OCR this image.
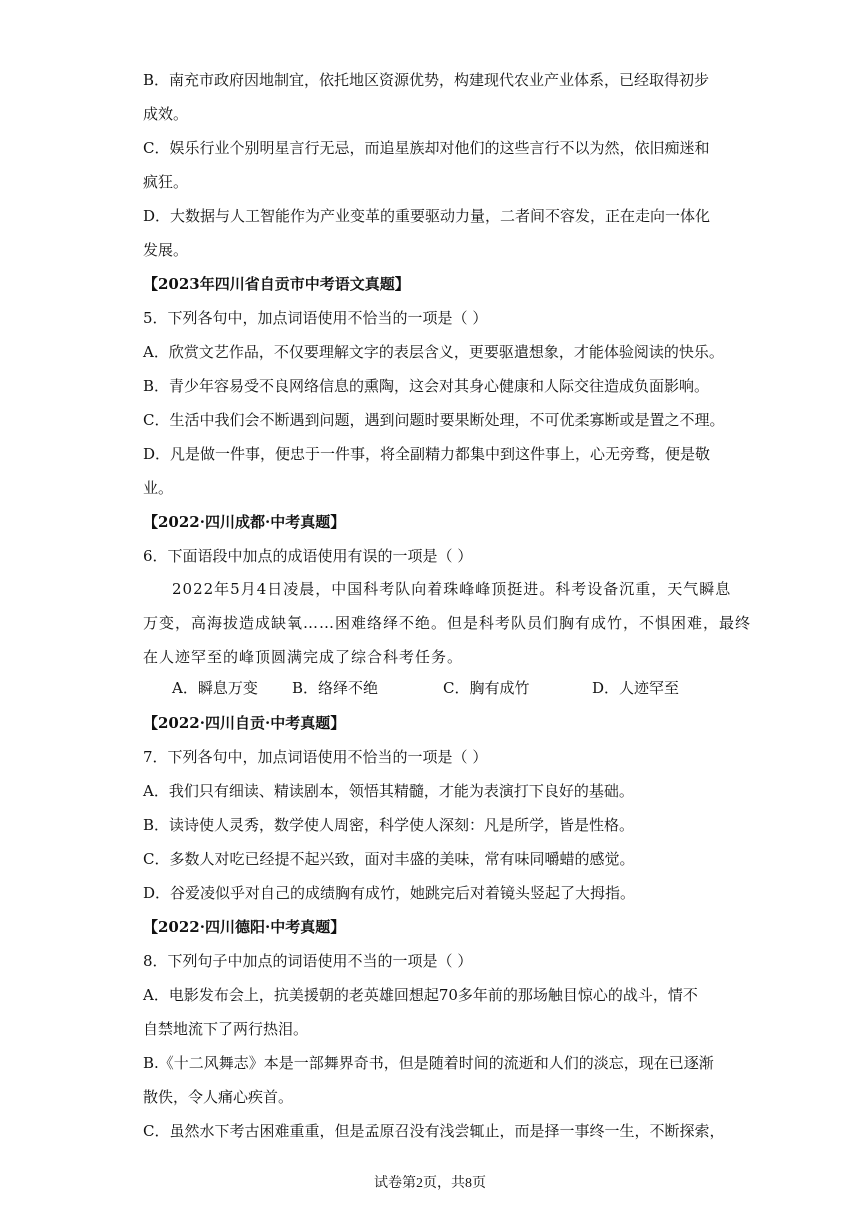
B．南充市政府因地制宜，依托地区资源优势，构建现代农业产业体系，已经取得初步
成效。
C．娱乐行业个别明星言行无忌，而追星族却对他们的这些言行不以为然，依旧痴迷和
疯狂。
D．大数据与人工智能作为产业变革的重要驱动力量，二者间不容发，正在走向一体化
发展。
【2023年四川省自贡市中考语文真题】
5．下列各句中，加点词语使用不恰当的一项是（ ）
A．欣赏文艺作品，不仅要理解文字的表层含义，更要驱遣想象，才能体验阅读的快乐。
B．青少年容易受不良网络信息的熏陶，这会对其身心健康和人际交往造成负面影响。
C．生活中我们会不断遇到问题，遇到问题时要果断处理，不可优柔寡断或是置之不理。
D．凡是做一件事，便忠于一件事，将全副精力都集中到这件事上，心无旁骛，便是敬
业。
【2022·四川成都·中考真题】
6．下面语段中加点的成语使用有误的一项是（ ）
2022年5月4日凌晨，中国科考队向着珠峰峰顶挺进。科考设备沉重，天气瞬息
万变，高海拔造成缺氧……困难络绎不绝。但是科考队员们胸有成竹，不惧困难，最终
在人迹罕至的峰顶圆满完成了综合科考任务。
A．瞬息万变 B．络绎不绝	C．胸有成竹	D．人迹罕至
【2022·四川自贡·中考真题】
7．下列各句中，加点词语使用不恰当的一项是（ ）
A．我们只有细读、精读剧本，领悟其精髓，才能为表演打下良好的基础。
B．读诗使人灵秀，数学使人周密，科学使人深刻：凡是所学，皆是性格。
C．多数人对吃已经提不起兴致，面对丰盛的美味，常有味同嚼蜡的感觉。
D．谷爱凌似乎对自己的成绩胸有成竹，她跳完后对着镜头竖起了大拇指。
【2022·四川德阳·中考真题】
8．下列句子中加点的词语使用不当的一项是（ ）
A．电影发布会上，抗美援朝的老英雄回想起70多年前的那场触目惊心的战斗，情不
自禁地流下了两行热泪。
B.《十二风舞志》本是一部舞界奇书，但是随着时间的流逝和人们的淡忘，现在已逐渐
散佚，令人痛心疾首。
C．虽然水下考古困难重重，但是孟原召没有浅尝辄止，而是择一事终一生，不断探索，
试卷第2页，共8页
